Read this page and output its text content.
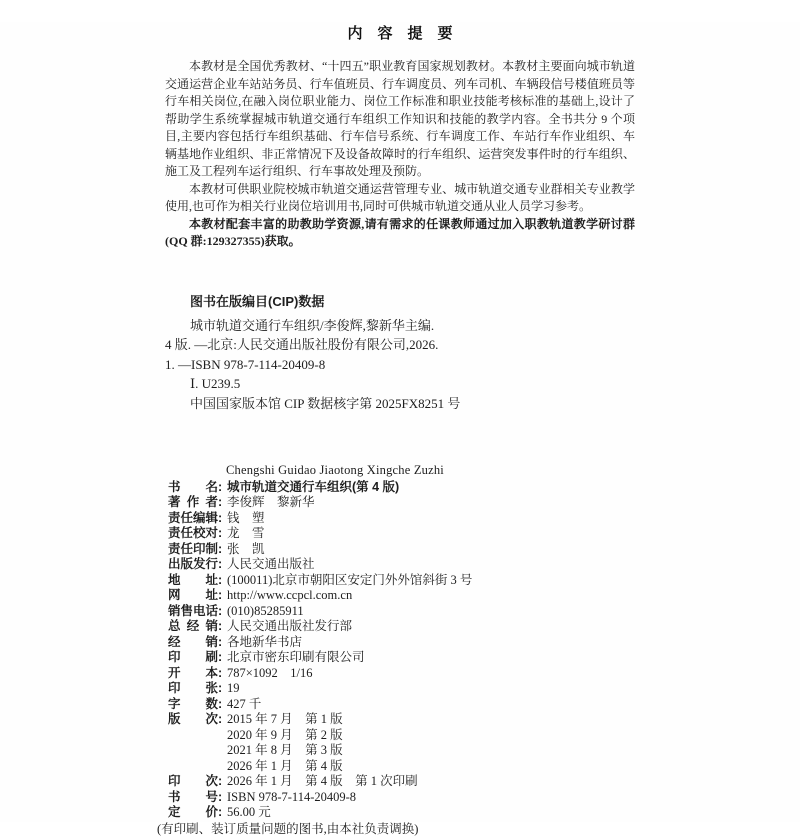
内　容　提　要

本教材是全国优秀教材、“十四五”职业教育国家规划教材。本教材主要面向城市轨道交通运营企业车站站务员、行车值班员、行车调度员、列车司机、车辆段信号楼值班员等行车相关岗位,在融入岗位职业能力、岗位工作标准和职业技能考核标准的基础上,设计了帮助学生系统掌握城市轨道交通行车组织工作知识和技能的教学内容。全书共分 9 个项目,主要内容包括行车组织基础、行车信号系统、行车调度工作、车站行车作业组织、车辆基地作业组织、非正常情况下及设备故障时的行车组织、运营突发事件时的行车组织、施工及工程列车运行组织、行车事故处理及预防。

本教材可供职业院校城市轨道交通运营管理专业、城市轨道交通专业群相关专业教学使用,也可作为相关行业岗位培训用书,同时可供城市轨道交通从业人员学习参考。

本教材配套丰富的助教助学资源,请有需求的任课教师通过加入职教轨道教学研讨群(QQ 群:129327355)获取。

图书在版编目(CIP)数据

城市轨道交通行车组织/李俊辉,黎新华主编.

4 版. —北京:人民交通出版社股份有限公司,2026.

1. —ISBN 978-7-114-20409-8

Ⅰ. U239.5

中国国家版本馆 CIP 数据核字第 2025FX8251 号

Chengshi Guidao Jiaotong Xingche Zuzhi
书名 : 城市轨道交通行车组织(第 4 版)
著作者 : 李俊辉　黎新华
责任编辑 : 钱　塑
责任校对 : 龙　雪
责任印制 : 张　凯
出版发行 : 人民交通出版社
地址 : (100011)北京市朝阳区安定门外外馆斜街 3 号
网址 : http://www.ccpcl.com.cn
销售电话 : (010)85285911
总经销 : 人民交通出版社发行部
经销 : 各地新华书店
印刷 : 北京市密东印刷有限公司
开本 : 787×1092　1/16
印张 : 19
字数 : 427 千
版次 : 2015 年 7 月　第 1 版
2020 年 9 月　第 2 版
2021 年 8 月　第 3 版
2026 年 1 月　第 4 版
印次 : 2026 年 1 月　第 4 版　第 1 次印刷
书号 : ISBN 978-7-114-20409-8
定价 : 56.00 元
(有印刷、装订质量问题的图书,由本社负责调换)
